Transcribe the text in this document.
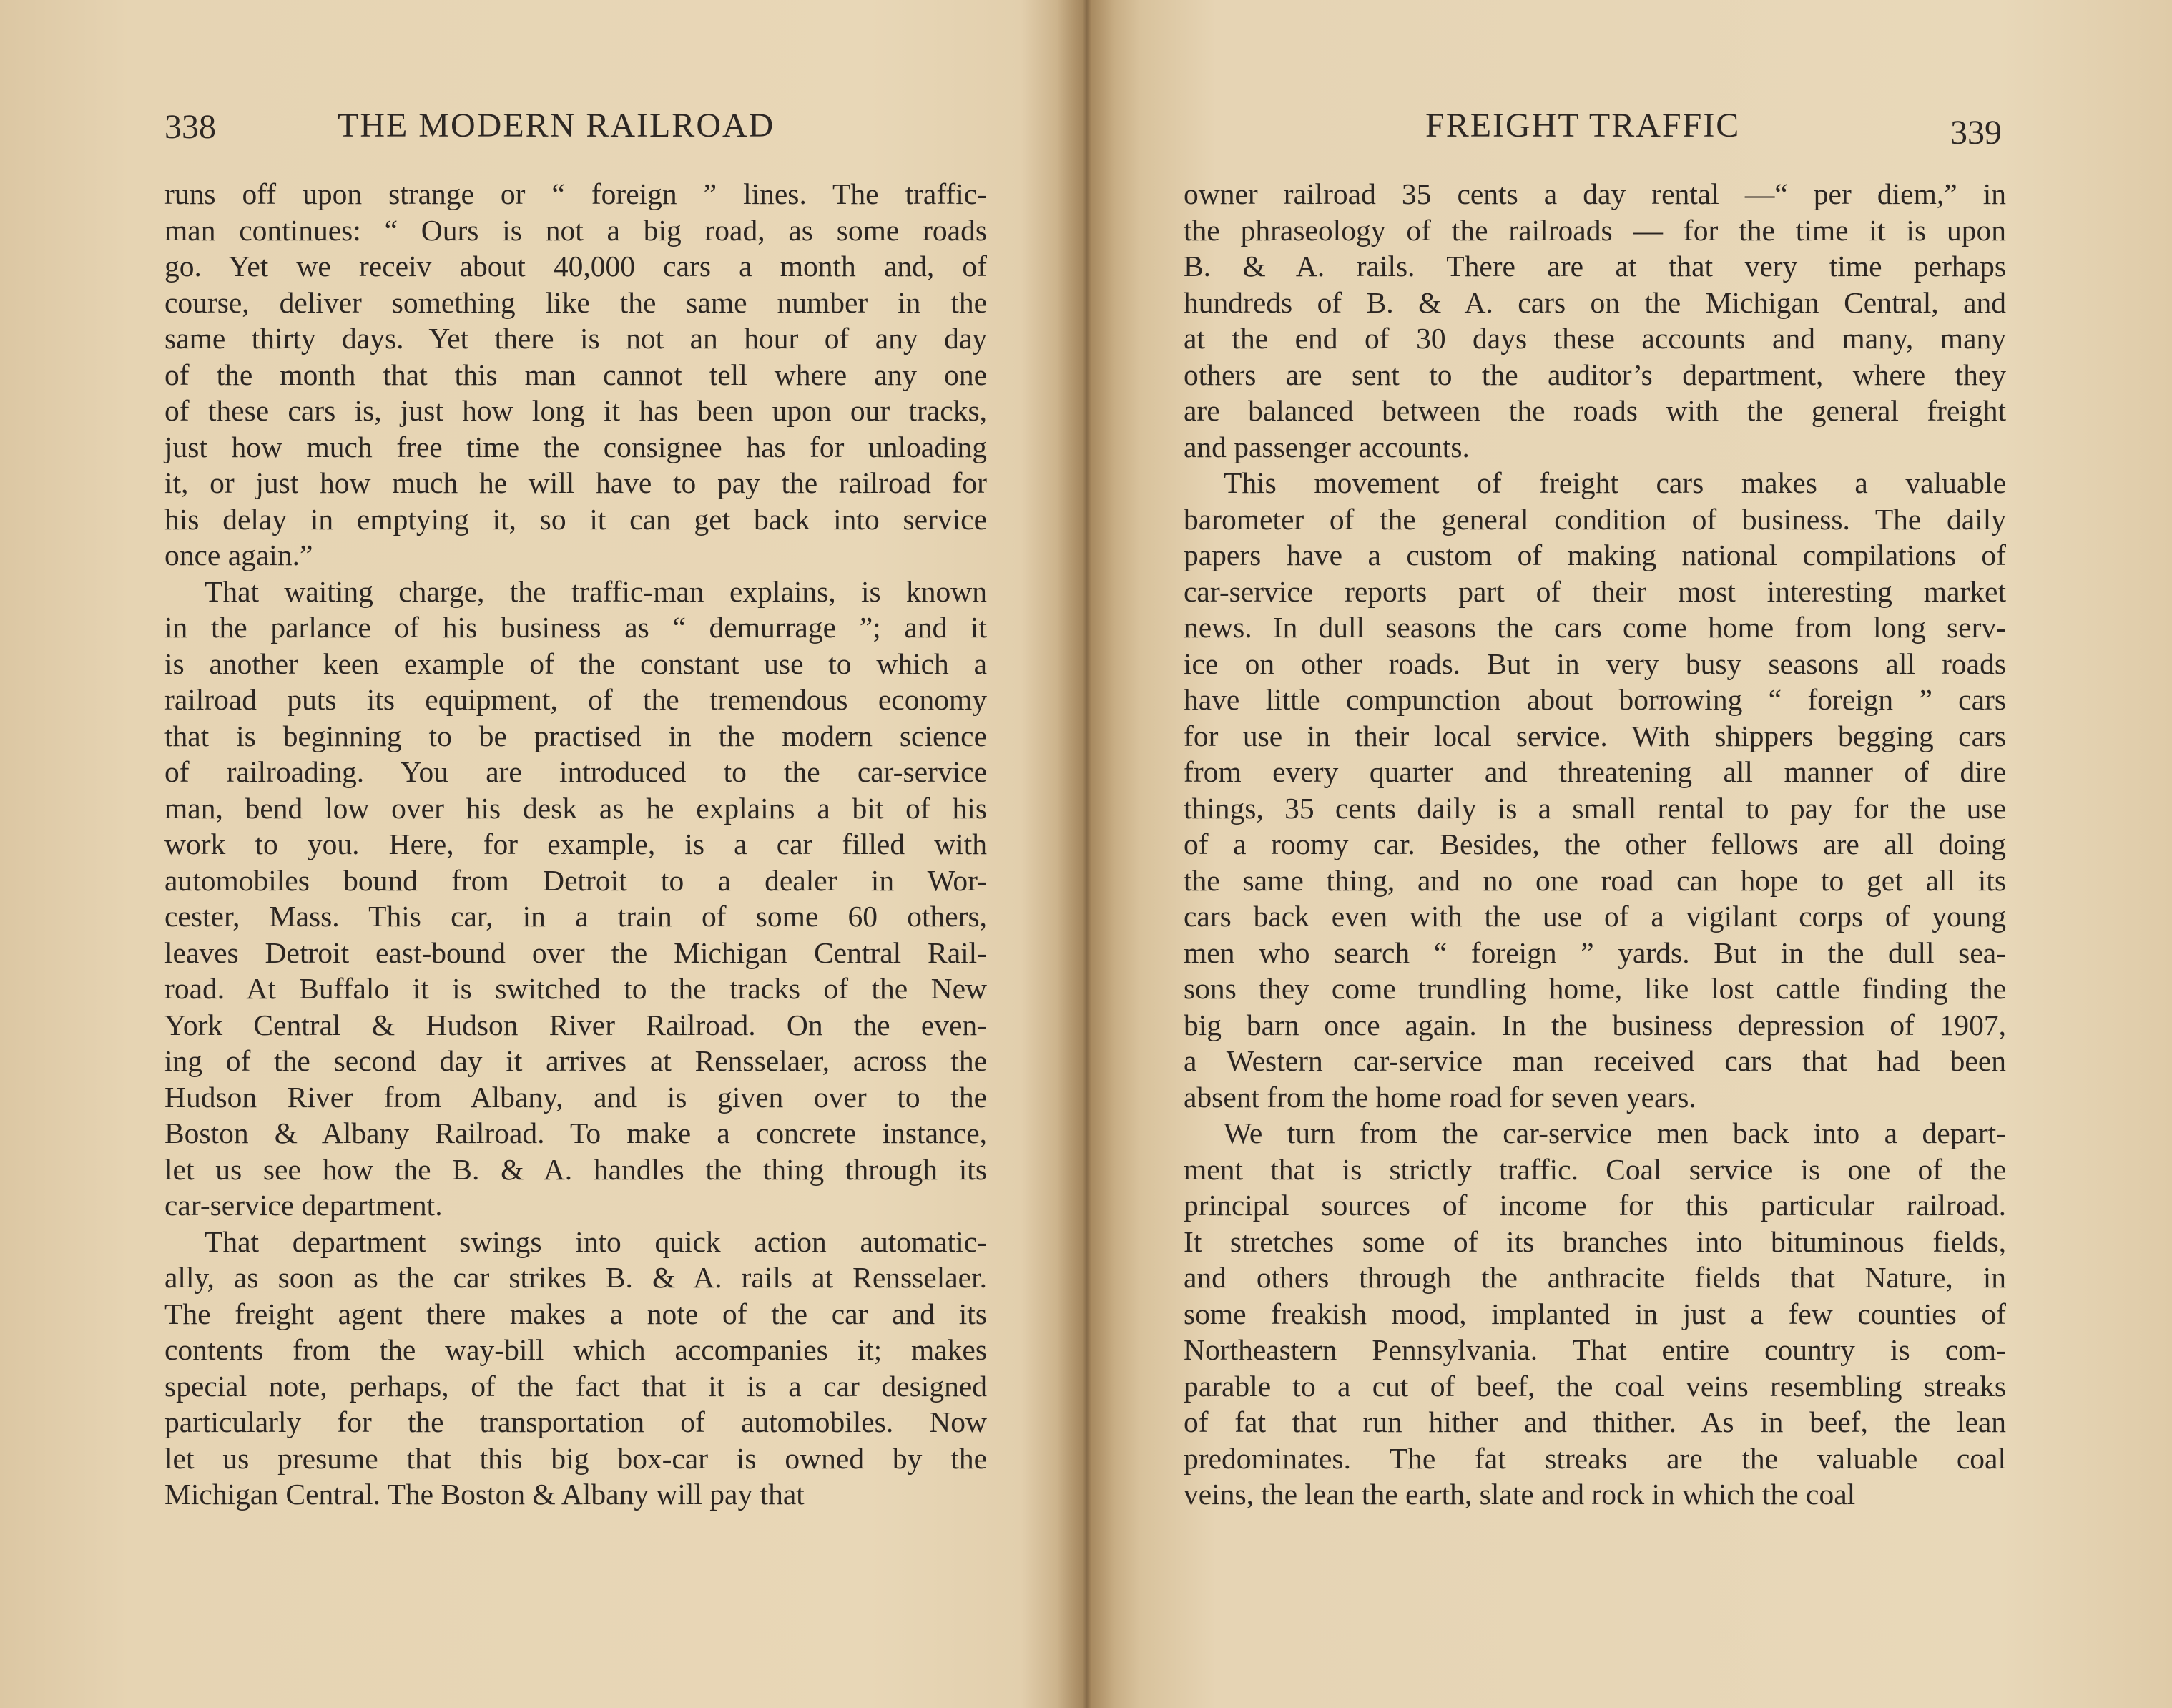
338	THE MODERN RAILROAD
runs off upon strange or “ foreign ” lines. The traffic-
man continues: “ Ours is not a big road, as some roads
go. Yet we receiv about 40,000 cars a month and, of
course, deliver something like the same number in the
same thirty days. Yet there is not an hour of any day
of the month that this man cannot tell where any one
of these cars is, just how long it has been upon our tracks,
just how much free time the consignee has for unloading
it, or just how much he will have to pay the railroad for
his delay in emptying it, so it can get back into service
once again.”
That waiting charge, the traffic-man explains, is known
in the parlance of his business as “ demurrage ”; and it
is another keen example of the constant use to which a
railroad puts its equipment, of the tremendous economy
that is beginning to be practised in the modern science
of railroading. You are introduced to the car-service
man, bend low over his desk as he explains a bit of his
work to you. Here, for example, is a car filled with
automobiles bound from Detroit to a dealer in Wor-
cester, Mass. This car, in a train of some 60 others,
leaves Detroit east-bound over the Michigan Central Rail-
road. At Buffalo it is switched to the tracks of the New
York Central & Hudson River Railroad. On the even-
ing of the second day it arrives at Rensselaer, across the
Hudson River from Albany, and is given over to the
Boston & Albany Railroad. To make a concrete instance,
let us see how the B. & A. handles the thing through its
car-service department.
That department swings into quick action automatic-
ally, as soon as the car strikes B. & A. rails at Rensselaer.
The freight agent there makes a note of the car and its
contents from the way-bill which accompanies it; makes
special note, perhaps, of the fact that it is a car designed
particularly for the transportation of automobiles. Now
let us presume that this big box-car is owned by the
Michigan Central. The Boston & Albany will pay that
FREIGHT TRAFFIC	339
owner railroad 35 cents a day rental —“ per diem,” in
the phraseology of the railroads — for the time it is upon
B. & A. rails. There are at that very time perhaps
hundreds of B. & A. cars on the Michigan Central, and
at the end of 30 days these accounts and many, many
others are sent to the auditor’s department, where they
are balanced between the roads with the general freight
and passenger accounts.
This movement of freight cars makes a valuable
barometer of the general condition of business. The daily
papers have a custom of making national compilations of
car-service reports part of their most interesting market
news. In dull seasons the cars come home from long serv-
ice on other roads. But in very busy seasons all roads
have little compunction about borrowing “ foreign ” cars
for use in their local service. With shippers begging cars
from every quarter and threatening all manner of dire
things, 35 cents daily is a small rental to pay for the use
of a roomy car. Besides, the other fellows are all doing
the same thing, and no one road can hope to get all its
cars back even with the use of a vigilant corps of young
men who search “ foreign ” yards. But in the dull sea-
sons they come trundling home, like lost cattle finding the
big barn once again. In the business depression of 1907,
a Western car-service man received cars that had been
absent from the home road for seven years.
We turn from the car-service men back into a depart-
ment that is strictly traffic. Coal service is one of the
principal sources of income for this particular railroad.
It stretches some of its branches into bituminous fields,
and others through the anthracite fields that Nature, in
some freakish mood, implanted in just a few counties of
Northeastern Pennsylvania. That entire country is com-
parable to a cut of beef, the coal veins resembling streaks
of fat that run hither and thither. As in beef, the lean
predominates. The fat streaks are the valuable coal
veins, the lean the earth, slate and rock in which the coal
